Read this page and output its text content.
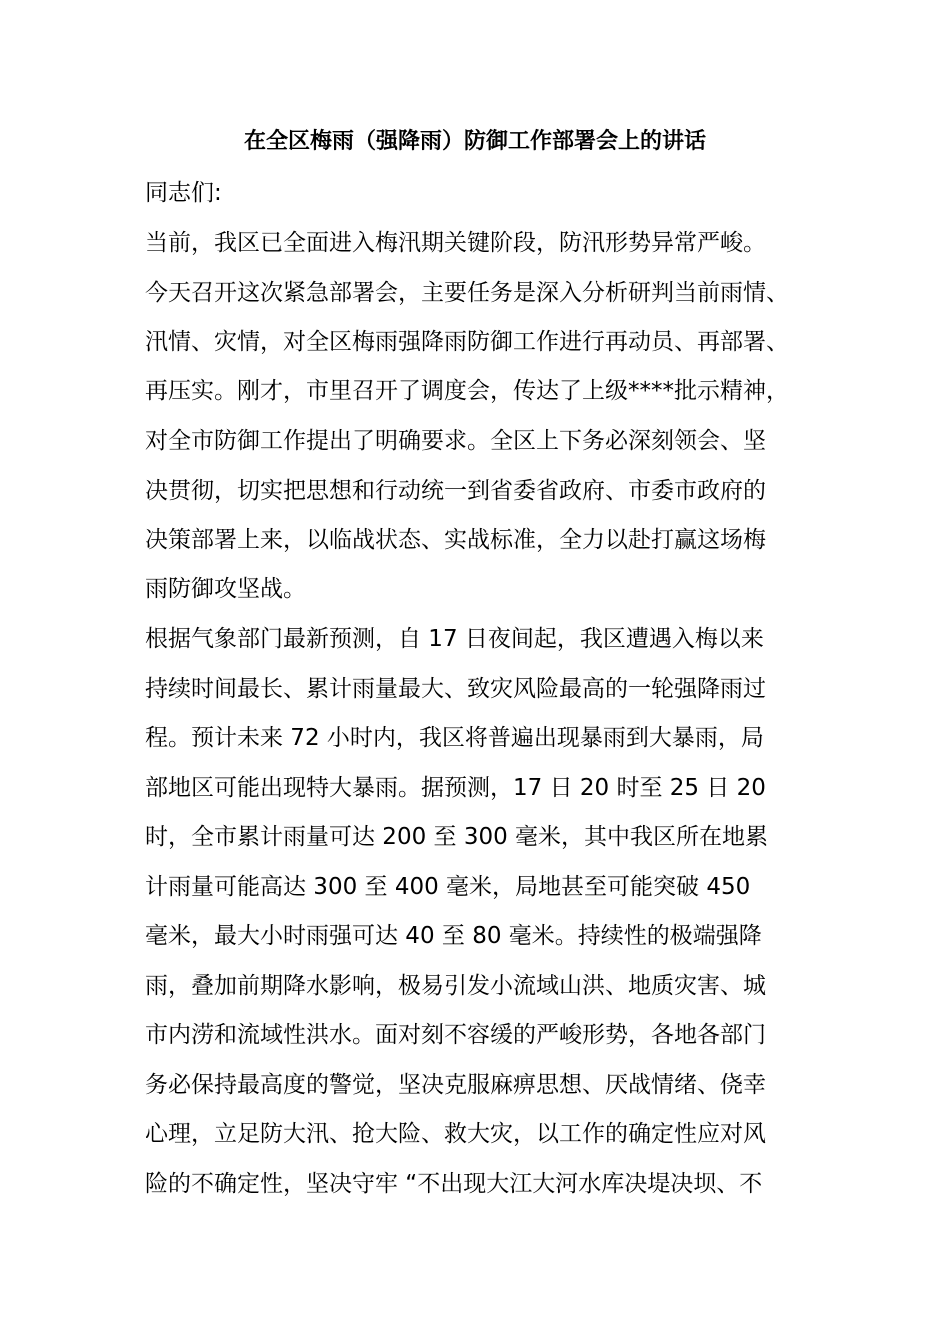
在全区梅雨（强降雨）防御工作部署会上的讲话

同志们:

当前，我区已全面进入梅汛期关键阶段，防汛形势异常严峻。

今天召开这次紧急部署会，主要任务是深入分析研判当前雨情、

汛情、灾情，对全区梅雨强降雨防御工作进行再动员、再部署、

再压实。刚才，市里召开了调度会，传达了上级****批示精神，

对全市防御工作提出了明确要求。全区上下务必深刻领会、坚

决贯彻，切实把思想和行动统一到省委省政府、市委市政府的

决策部署上来，以临战状态、实战标准，全力以赴打赢这场梅

雨防御攻坚战。

根据气象部门最新预测，自 17 日夜间起，我区遭遇入梅以来

持续时间最长、累计雨量最大、致灾风险最高的一轮强降雨过

程。预计未来 72 小时内，我区将普遍出现暴雨到大暴雨，局

部地区可能出现特大暴雨。据预测，17 日 20 时至 25 日 20

时，全市累计雨量可达 200 至 300 毫米，其中我区所在地累

计雨量可能高达 300 至 400 毫米，局地甚至可能突破 450

毫米，最大小时雨强可达 40 至 80 毫米。持续性的极端强降

雨，叠加前期降水影响，极易引发小流域山洪、地质灾害、城

市内涝和流域性洪水。面对刻不容缓的严峻形势，各地各部门

务必保持最高度的警觉，坚决克服麻痹思想、厌战情绪、侥幸

心理，立足防大汛、抢大险、救大灾，以工作的确定性应对风

险的不确定性，坚决守牢 “不出现大江大河水库决堤决坝、不
